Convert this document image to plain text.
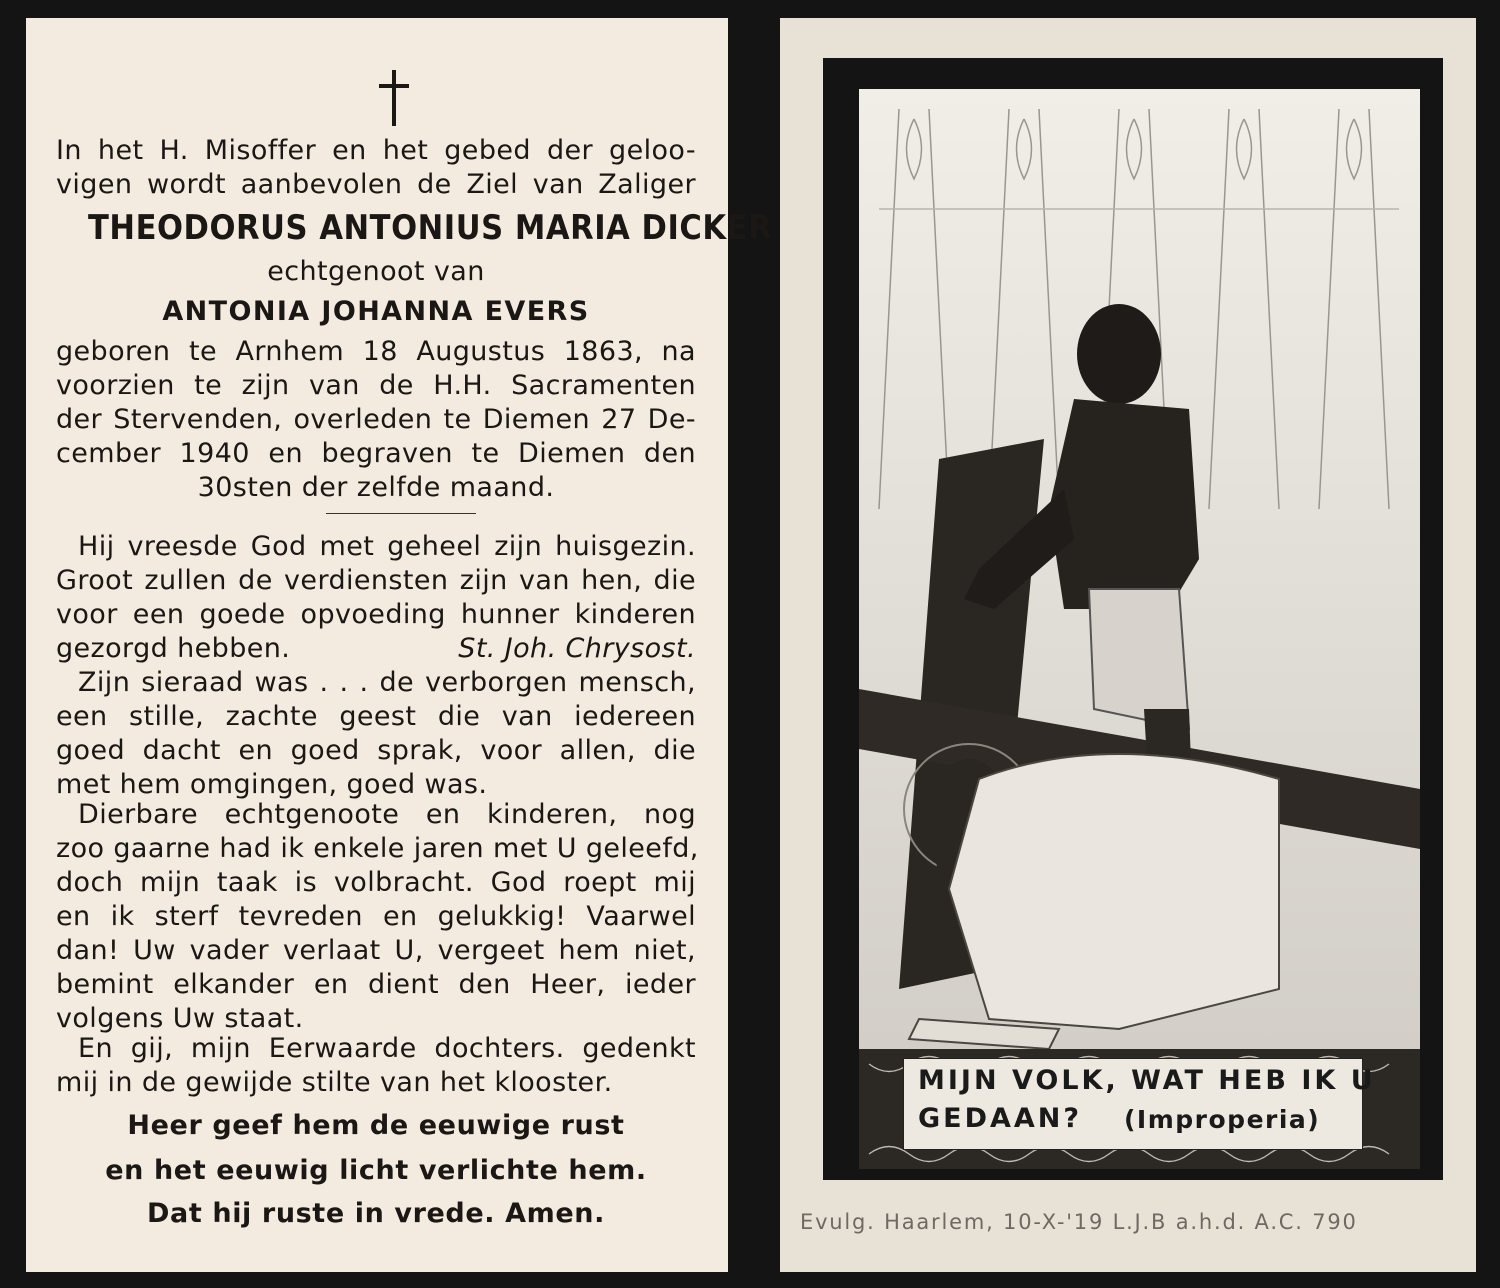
In het H. Misoffer en het gebed der geloo-
vigen wordt aanbevolen de Ziel van Zaliger
THEODORUS ANTONIUS MARIA DICKER
echtgenoot van
ANTONIA JOHANNA EVERS
geboren te Arnhem 18 Augustus 1863, na
voorzien te zijn van de H.H. Sacramenten
der Stervenden, overleden te Diemen 27 De-
cember 1940 en begraven te Diemen den
30sten der zelfde maand.
Hij vreesde God met geheel zijn huisgezin.
Groot zullen de verdiensten zijn van hen, die
voor een goede opvoeding hunner kinderen
gezorgd hebben.	St. Joh. Chrysost.
Zijn sieraad was . . . de verborgen mensch,
een stille, zachte geest die van iedereen
goed dacht en goed sprak, voor allen, die
met hem omgingen, goed was.
Dierbare echtgenoote en kinderen, nog
zoo gaarne had ik enkele jaren met U geleefd,
doch mijn taak is volbracht. God roept mij
en ik sterf tevreden en gelukkig! Vaarwel
dan! Uw vader verlaat U, vergeet hem niet,
bemint elkander en dient den Heer, ieder
volgens Uw staat.
En gij, mijn Eerwaarde dochters. gedenkt
mij in de gewijde stilte van het klooster.
Heer geef hem de eeuwige rust
en het eeuwig licht verlichte hem.
Dat hij ruste in vrede. Amen.
MIJN VOLK, WAT HEB IK U
GEDAAN? (Improperia)
Evulg. Haarlem, 10-X-'19 L.J.B a.h.d. A.C. 790
